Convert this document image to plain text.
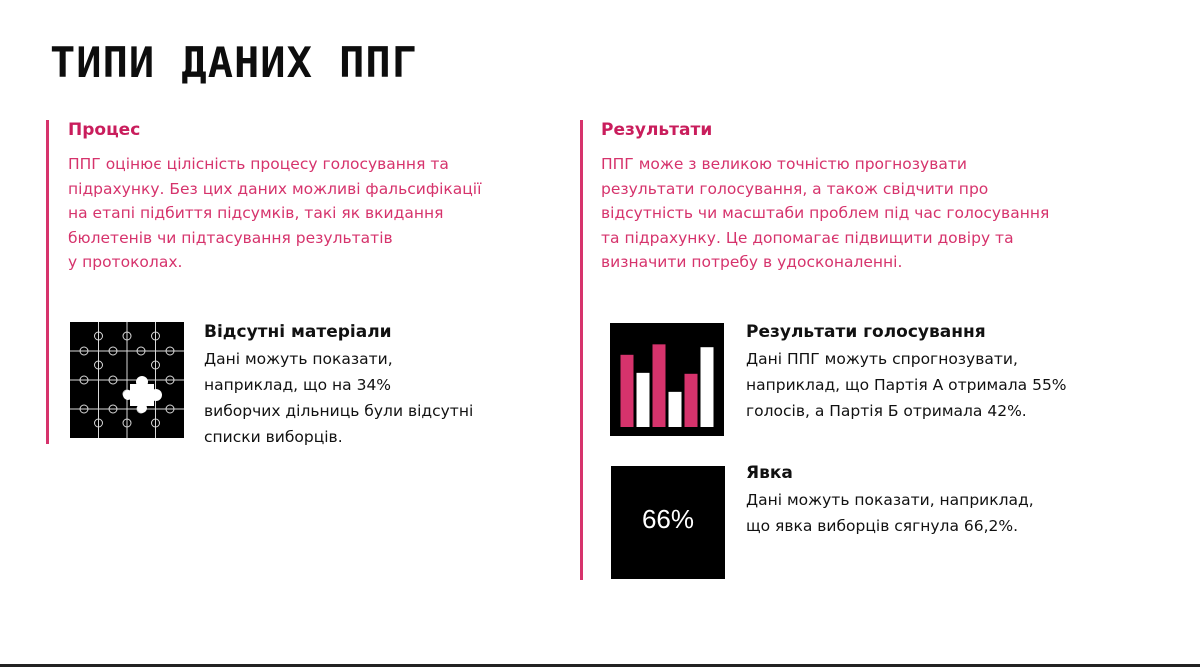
ТИПИ ДАНИХ ППГ
Процес

ППГ оцінює цілісність процесу голосування та
підрахунку. Без цих даних можливі фальсифікації
на етапі підбиття підсумків, такі як вкидання
бюлетенів чи підтасування результатів
у протоколах.

Відсутні матеріали

Дані можуть показати,
наприклад, що на 34%
виборчих дільниць були відсутні
списки виборців.

Результати

ППГ може з великою точністю прогнозувати
результати голосування, а також свідчити про
відсутність чи масштаби проблем під час голосування
та підрахунку. Це допомагає підвищити довіру та
визначити потребу в удосконаленні.

Результати голосування

Дані ППГ можуть спрогнозувати,
наприклад, що Партія А отримала 55%
голосів, а Партія Б отримала 42%.

66%
Явка

Дані можуть показати, наприклад,
що явка виборців сягнула 66,2%.
